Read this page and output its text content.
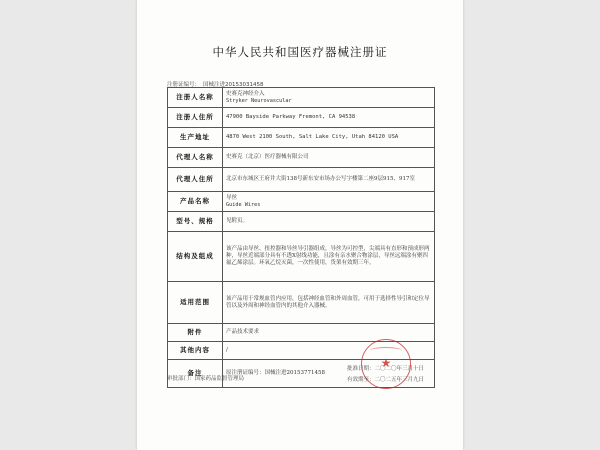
中华人民共和国医疗器械注册证
注册证编号： 国械注进20153031458
注册人名称	史赛克神经介入
Stryker Neurovascular

注册人住所	47900 Bayside Parkway Fremont, CA 94538
生产地址	4870 West 2100 South, Salt Lake City, Utah 84120 USA
代理人名称	史赛克（北京）医疗器械有限公司
代理人住所	北京市东城区王府井大街138号新东安市场办公写字楼第二座9层915、917室
产品名称	导丝
Guide Wires

型号、规格	见附页。
结构及组成	该产品由导丝、扭控器和导丝导引器组成，导丝为可控型，尖端具有直形和预成形两种，导丝近端部分具有不透X射线功能，且涂有亲水聚合物涂层，导丝远端涂有聚四氟乙烯涂层。环氧乙烷灭菌，一次性使用，货架有效期三年。
适用范围	该产品用于常规血管内应用，包括神经血管和外周血管，可用于选择性导引和定位导管以及外周和神经血管内的其他介入器械。
附件	产品技术要求
其他内容	/
备注	原注册证编号：国械注进20153771458
★
批准日期：二〇二〇年三月十日
有效期至：二〇二五年三月九日
审批部门：国家药品监督管理局
